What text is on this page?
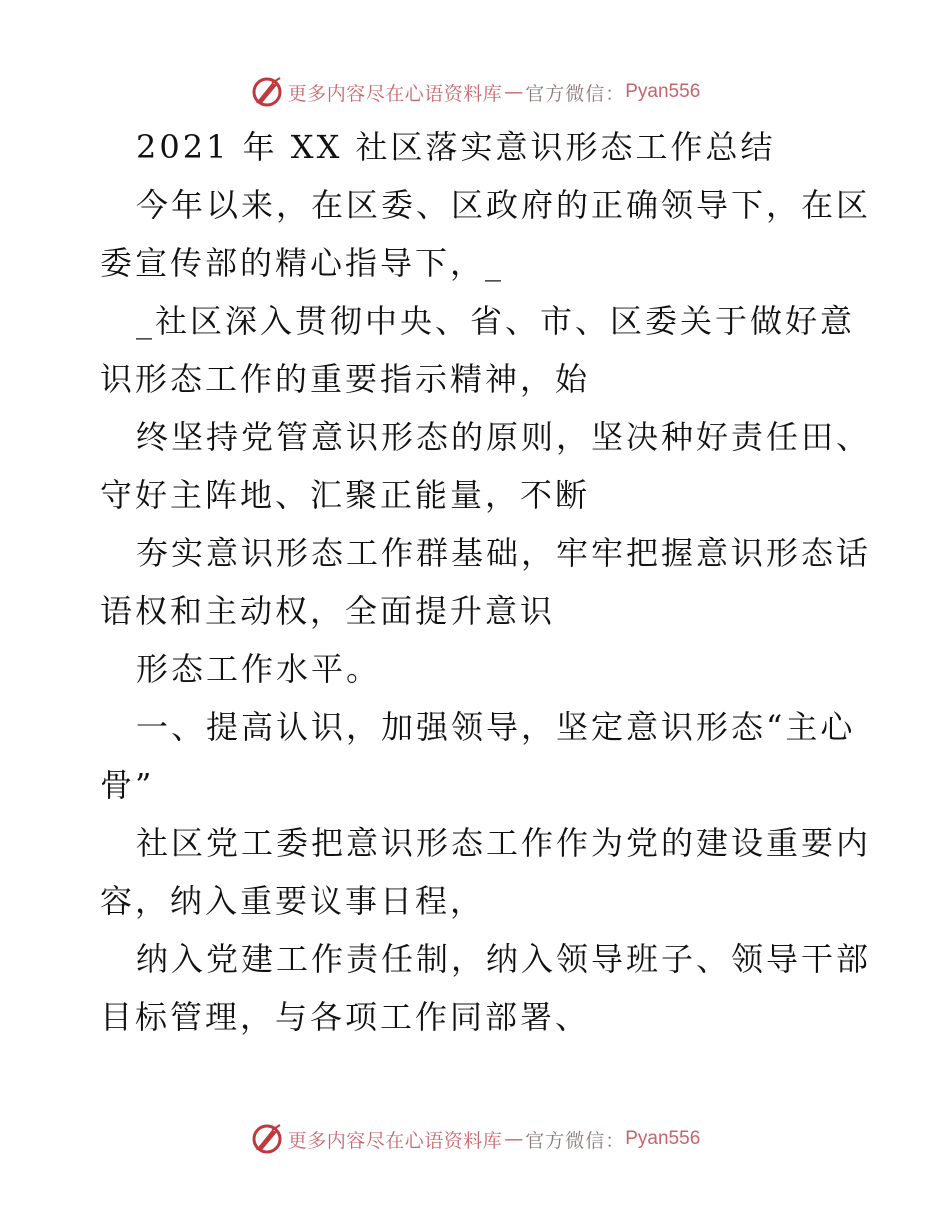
更多内容尽在心语资料库 — 官方微信： Pyan556
2021 年 XX 社区落实意识形态工作总结
今年以来，在区委、区政府的正确领导下，在区
委宣传部的精心指导下，_
_社区深入贯彻中央、省、市、区委关于做好意
识形态工作的重要指示精神，始
终坚持党管意识形态的原则，坚决种好责任田、
守好主阵地、汇聚正能量，不断
夯实意识形态工作群基础，牢牢把握意识形态话
语权和主动权，全面提升意识
形态工作水平。
一、提高认识，加强领导，坚定意识形态“主心
骨”
社区党工委把意识形态工作作为党的建设重要内
容，纳入重要议事日程，
纳入党建工作责任制，纳入领导班子、领导干部
目标管理，与各项工作同部署、
更多内容尽在心语资料库 — 官方微信： Pyan556
